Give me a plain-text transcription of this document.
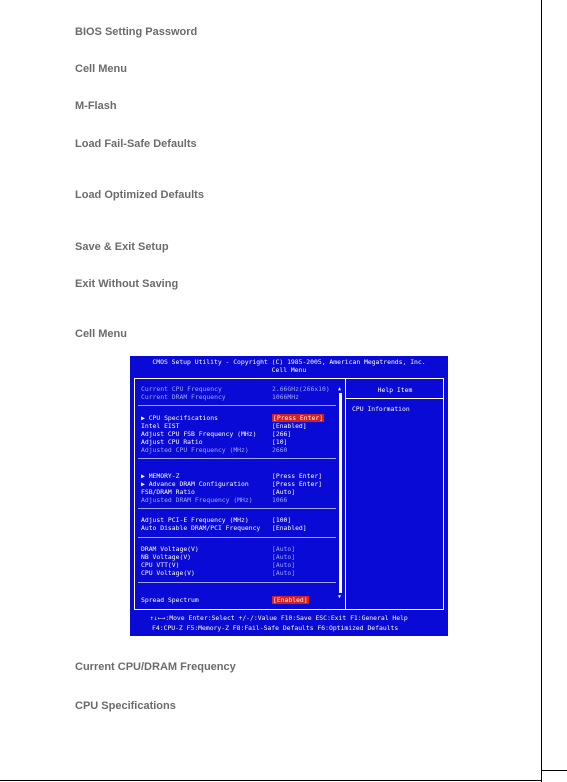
BIOS Setting Password
Cell Menu
M-Flash
Load Fail-Safe Defaults
Load Optimized Defaults
Save & Exit Setup
Exit Without Saving
Cell Menu
CMOS Setup Utility - Copyright (C) 1985-2005, American Megatrends, Inc.
Cell Menu
Current CPU Frequency	2.66GHz(266x10)
Current DRAM Frequency	1066MHz
▶ CPU Specifications	[Press Enter]
Intel EIST	[Enabled]
Adjust CPU FSB Frequency (MHz) [266]
Adjust CPU Ratio	[10]
Adjusted CPU Frequency (MHz)	2660
▶ MEMORY-Z	[Press Enter]
▶ Advance DRAM Configuration	[Press Enter]
FSB/DRAM Ratio	[Auto]
Adjusted DRAM Frequency (MHz)	1066
Adjust PCI-E Frequency (MHz)	[100]
Auto Disable DRAM/PCI Frequency [Enabled]
DRAM Voltage(V)	[Auto]
NB Voltage(V)	[Auto]
CPU VTT(V)	[Auto]
CPU Voltage(V)	[Auto]
Spread Spectrum	[Enabled]
▲
▼
Help Item
CPU Information
↑↓←→:Move Enter:Select +/-/:Value F10:Save ESC:Exit F1:General Help
F4:CPU-Z F5:Memory-Z F8:Fail-Safe Defaults F6:Optimized Defaults
Current CPU/DRAM Frequency
CPU Specifications
